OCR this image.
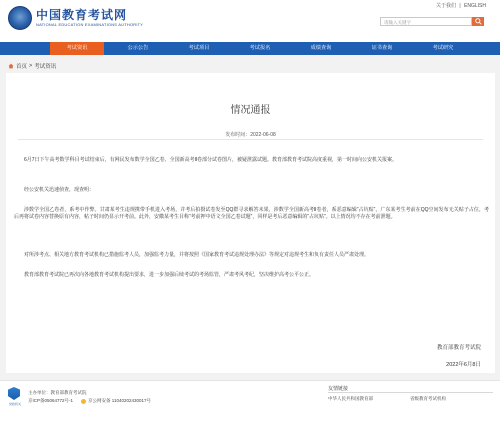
中国教育考试网
NATIONAL EDUCATION EXAMINATIONS AUTHORITY
关于我们 | ENGLISH
请输入关键字
考试资讯	公示公告	考试项目	考试报名	成绩查询	证书查询	考试研究
首页 > 考试资讯
情况通报
发布时间：2022-06-08
6月7日下午高考数学科目考试结束后，有网民发布数学全国乙卷、全国新高考Ⅱ卷部分试卷图片，被疑泄露试题。教育部教育考试院高度重视，第一时间向公安机关报案。
经公安机关迅速侦查，现查明：
涉数学全国乙卷者，系考中作弊。甘肃某考生违规携带手机进入考场，并考后拍摄试卷发至QQ群寻求解答未果，涉数学全国新高考Ⅱ卷者，系恶意编辑“占坑贴”，广东某考生考前在QQ空间发布无关贴子占位，考后再将试卷内容替换原有内容，帖子时间仍显示开考前。此外，安徽某考生目称“考前押中语文全国乙卷试题”，同样是考后恶意编辑的“占坑贴”。以上情况均不存在考前泄题。
对所涉考点、相关地方教育考试机构已措施监考人员，加强监考力量，并将按照《国家教育考试违规处理办法》等规定对违规考生和负有责任人员严肃处理。
教育部教育考试院已再次向各地教育考试机构提出要求，进一步加强后续考试的考场监管，严肃考风考纪，坚决维护高考公平公正。
教育部教育考试院
2022年6月8日
党政机关
主办单位：教育部教育考试院
京ICP备05064772号-1	京公网安备 11040202430017号
友情链接
中华人民共和国教育部	省级教育考试机构
